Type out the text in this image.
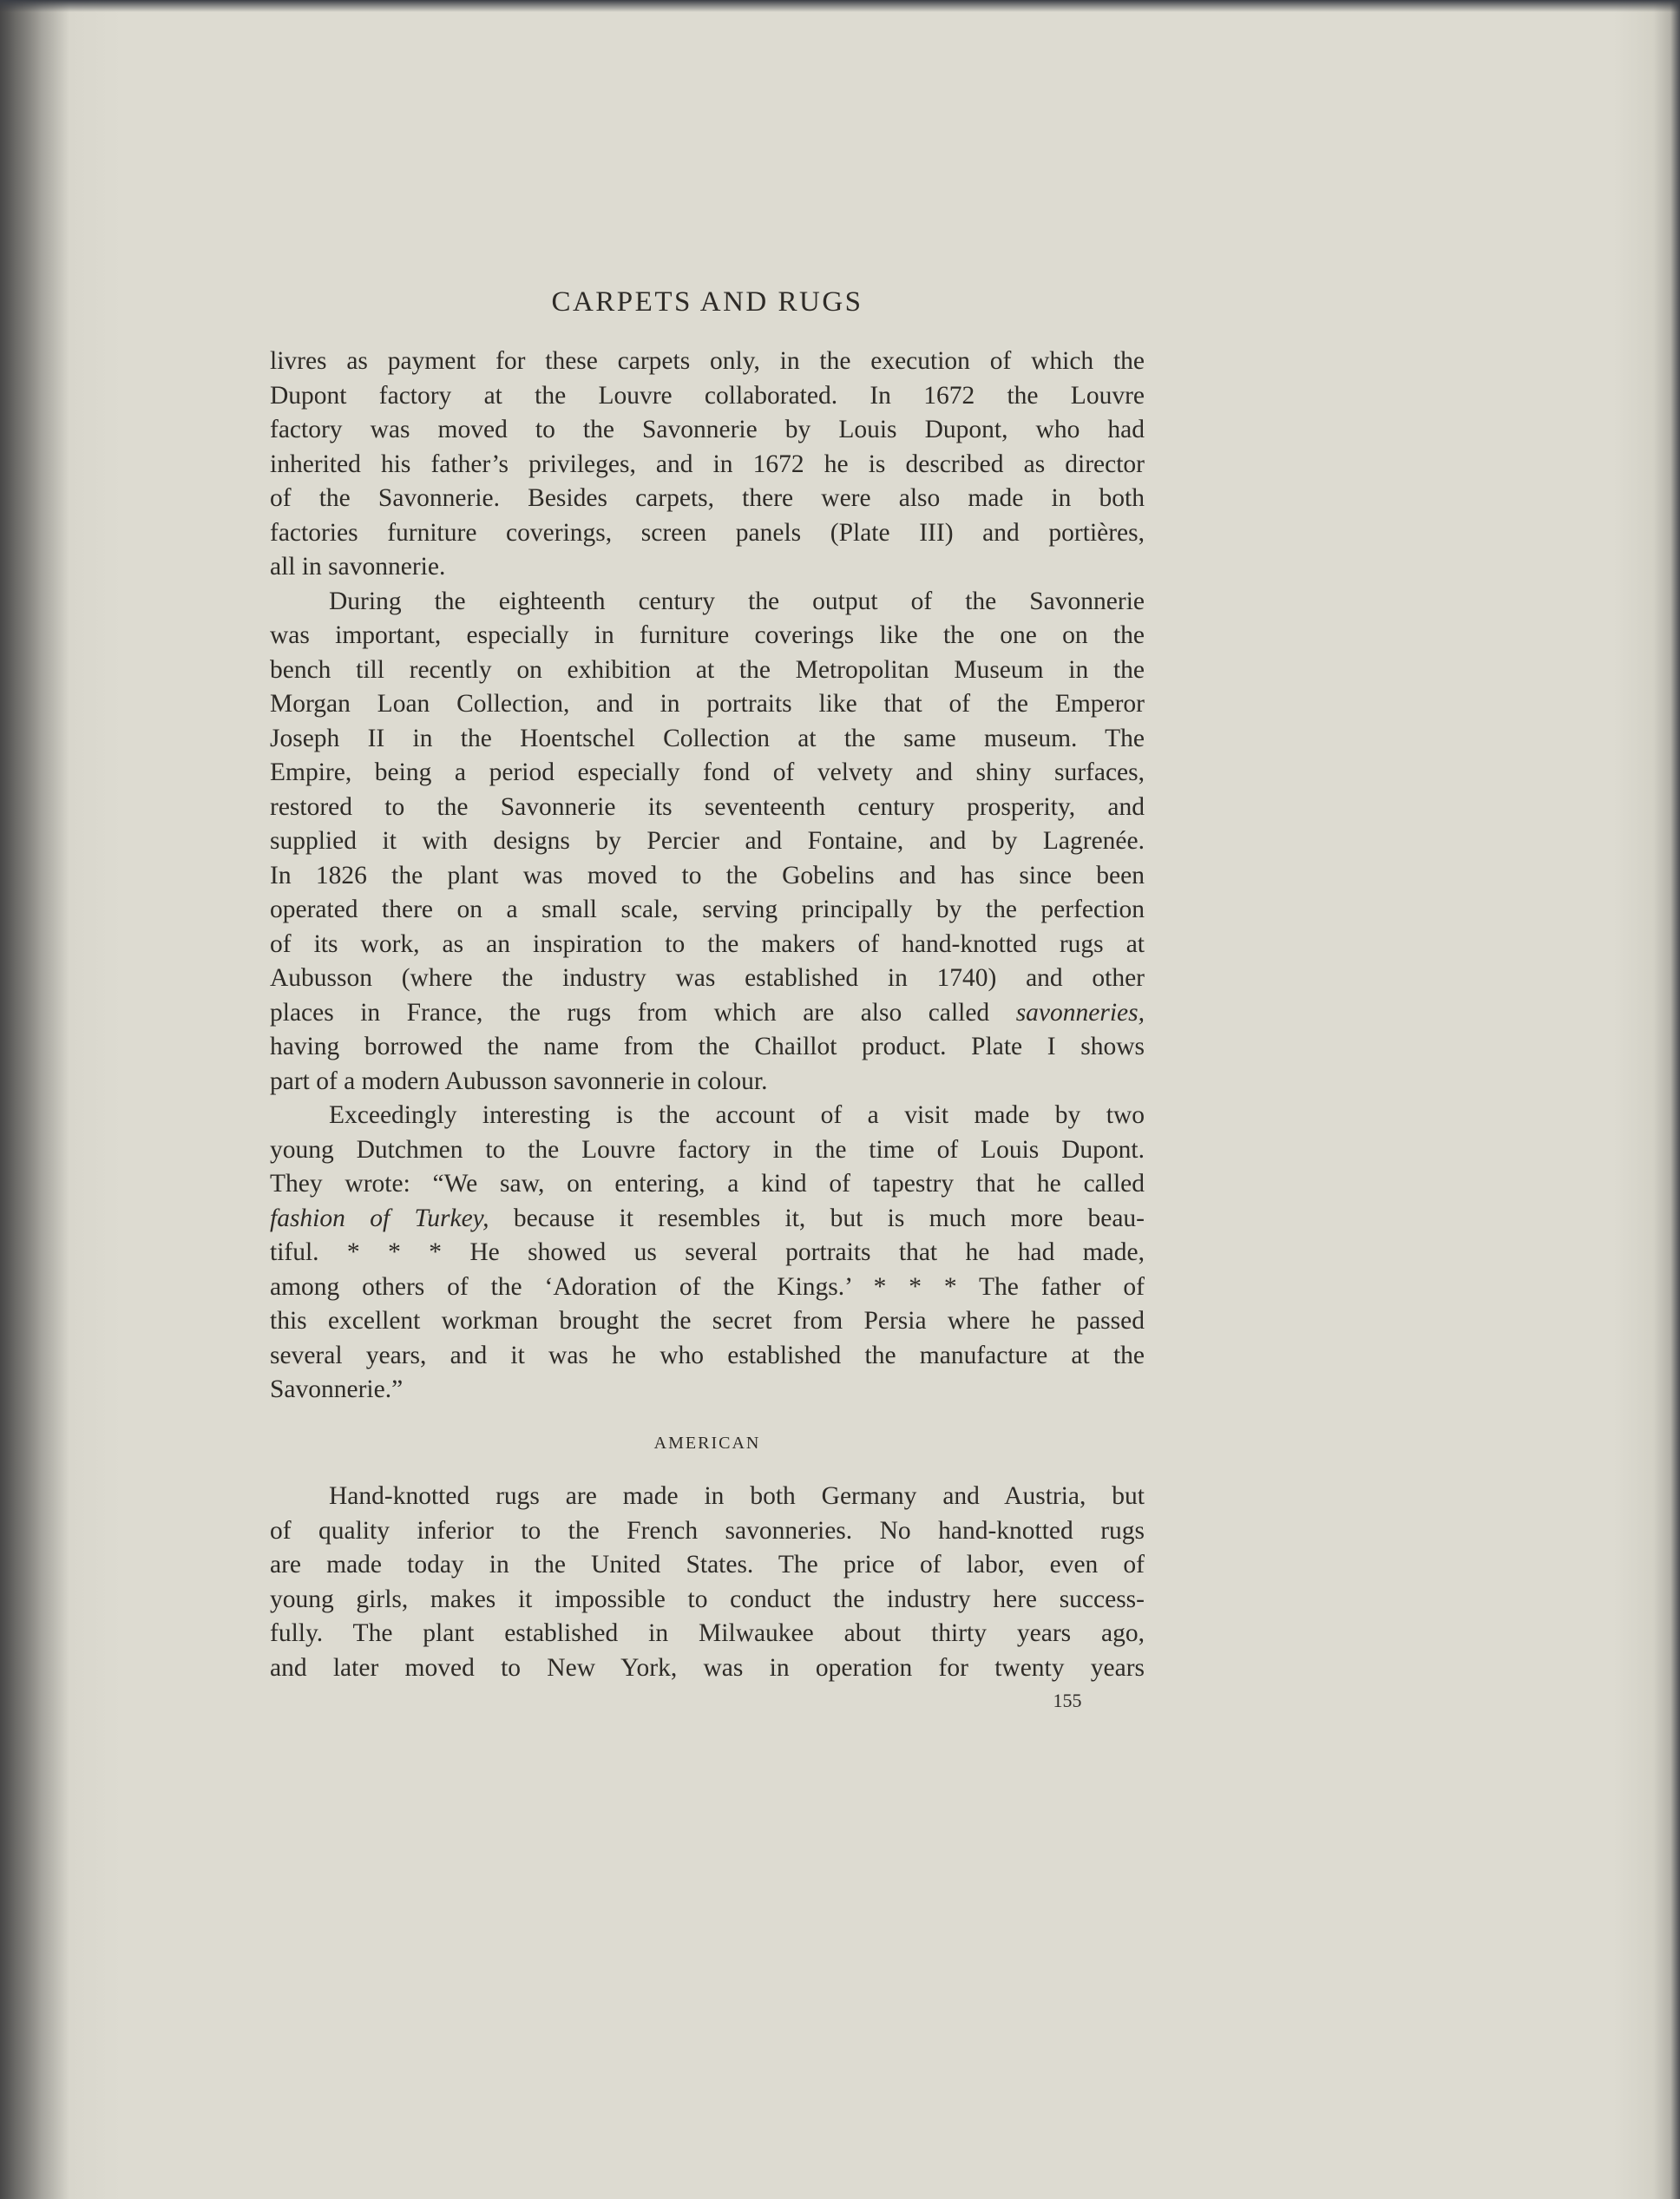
CARPETS AND RUGS
livres as payment for these carpets only, in the execution of which the
Dupont factory at the Louvre collaborated. In 1672 the Louvre
factory was moved to the Savonnerie by Louis Dupont, who had
inherited his father’s privileges, and in 1672 he is described as director
of the Savonnerie. Besides carpets, there were also made in both
factories furniture coverings, screen panels (Plate III) and portières,
all in savonnerie.
During the eighteenth century the output of the Savonnerie
was important, especially in furniture coverings like the one on the
bench till recently on exhibition at the Metropolitan Museum in the
Morgan Loan Collection, and in portraits like that of the Emperor
Joseph II in the Hoentschel Collection at the same museum. The
Empire, being a period especially fond of velvety and shiny surfaces,
restored to the Savonnerie its seventeenth century prosperity, and
supplied it with designs by Percier and Fontaine, and by Lagrenée.
In 1826 the plant was moved to the Gobelins and has since been
operated there on a small scale, serving principally by the perfection
of its work, as an inspiration to the makers of hand-knotted rugs at
Aubusson (where the industry was established in 1740) and other
places in France, the rugs from which are also called savonneries,
having borrowed the name from the Chaillot product. Plate I shows
part of a modern Aubusson savonnerie in colour.
Exceedingly interesting is the account of a visit made by two
young Dutchmen to the Louvre factory in the time of Louis Dupont.
They wrote: “We saw, on entering, a kind of tapestry that he called
fashion of Turkey, because it resembles it, but is much more beau-
tiful. * * * He showed us several portraits that he had made,
among others of the ‘Adoration of the Kings.’ * * * The father of
this excellent workman brought the secret from Persia where he passed
several years, and it was he who established the manufacture at the
Savonnerie.”
AMERICAN
Hand-knotted rugs are made in both Germany and Austria, but
of quality inferior to the French savonneries. No hand-knotted rugs
are made today in the United States. The price of labor, even of
young girls, makes it impossible to conduct the industry here success-
fully. The plant established in Milwaukee about thirty years ago,
and later moved to New York, was in operation for twenty years
155
